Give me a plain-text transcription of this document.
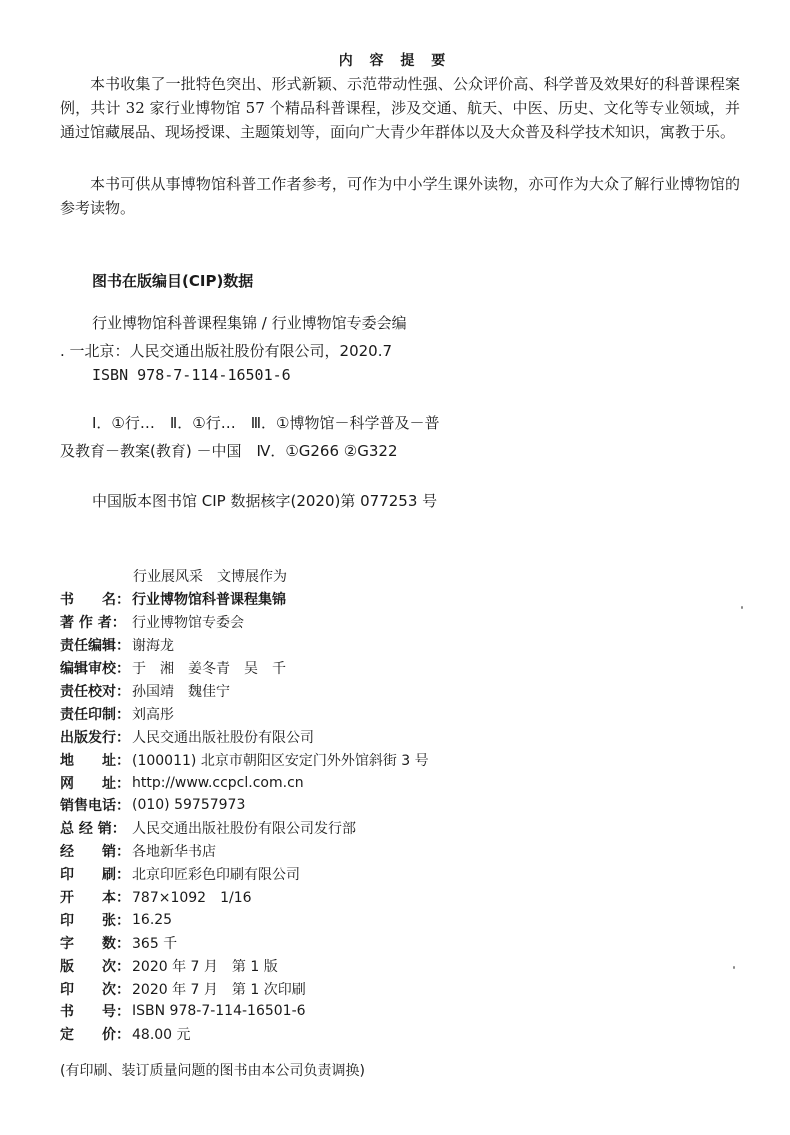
内 容 提 要
本书收集了一批特色突出、形式新颖、示范带动性强、公众评价高、科学普及效果好的科普课程案例，共计 32 家行业博物馆 57 个精品科普课程，涉及交通、航天、中医、历史、文化等专业领域，并通过馆藏展品、现场授课、主题策划等，面向广大青少年群体以及大众普及科学技术知识，寓教于乐。
本书可供从事博物馆科普工作者参考，可作为中小学生课外读物，亦可作为大众了解行业博物馆的参考读物。
图书在版编目(CIP)数据
行业博物馆科普课程集锦 / 行业博物馆专委会编
. 一北京：人民交通出版社股份有限公司，2020.7
ISBN 978-7-114-16501-6
Ⅰ．①行…　Ⅱ．①行…　Ⅲ．①博物馆－科学普及－普
及教育－教案(教育) －中国　Ⅳ．①G266 ②G322
中国版本图书馆 CIP 数据核字(2020)第 077253 号
行业展风采　文博展作为
书　　名： 行业博物馆科普课程集锦
著 作 者： 行业博物馆专委会
责任编辑： 谢海龙
编辑审校： 于　湘　姜冬青　吴　千
责任校对： 孙国靖　魏佳宁
责任印制： 刘高彤
出版发行： 人民交通出版社股份有限公司
地　　址： (100011) 北京市朝阳区安定门外外馆斜街 3 号
网　　址： http://www.ccpcl.com.cn
销售电话： (010) 59757973
总 经 销： 人民交通出版社股份有限公司发行部
经　　销： 各地新华书店
印　　刷： 北京印匠彩色印刷有限公司
开　　本： 787×1092　1/16
印　　张： 16.25
字　　数： 365 千
版　　次： 2020 年 7 月　第 1 版
印　　次： 2020 年 7 月　第 1 次印刷
书　　号： ISBN 978-7-114-16501-6
定　　价： 48.00 元
(有印刷、装订质量问题的图书由本公司负责调换)
